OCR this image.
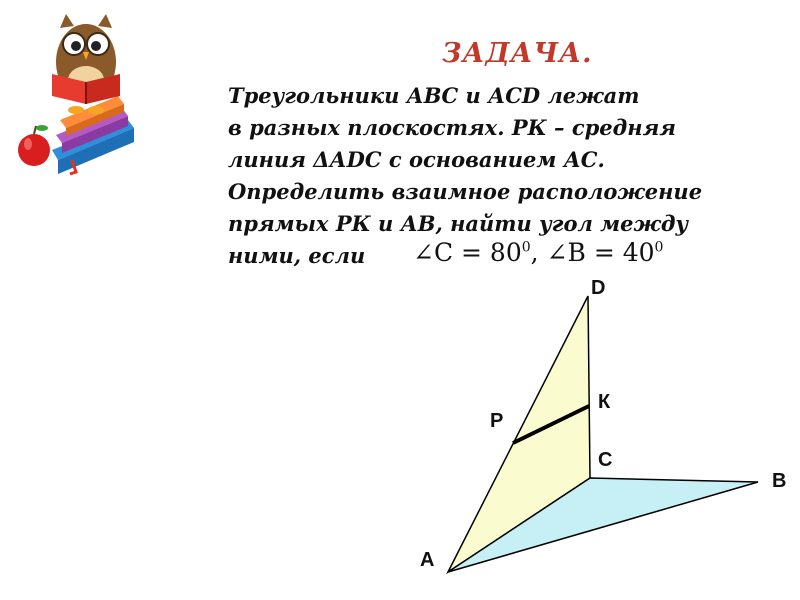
ЗАДАЧА.
Треугольники АВС и АСD лежат
в разных плоскостях. РК – средняя
линия ΔАDC с основанием АС.
Определить взаимное расположение
прямых РК и АВ, найти угол между
ними, если	∠C = $80^0$, ∠B = $40^0$
D
К
P
C
B
A
